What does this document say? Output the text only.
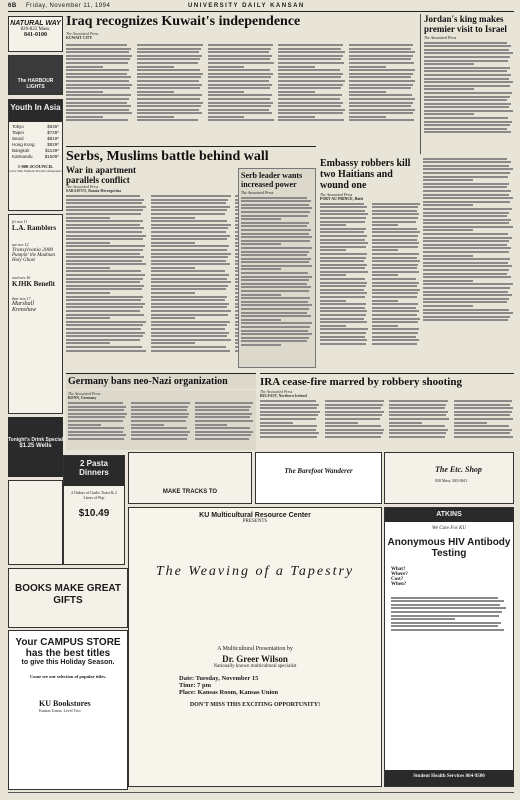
6B Friday, November 11, 1994	UNIVERSITY DAILY KANSAN
NATURAL WAY
820-822 Mass.
841-0100
The HARBOUR LIGHTS
Youth In Asia
Tokyo	$645*
Taipei	$729*
Seoul	$819*
Hong Kong	$829*
Bangkok	$1149*
Katmandu	$1509*
1-800-2COUNCIL
Let's Talk Student Travel's masseuse!
fri nov 11
L.A. Ramblers
sat nov 12
Transylvania 2000
Pumpin' the Madman Holy Ghost
wed nov 16
KJHK Benefit
thur nov 17
Marshall Krenshaw
Tonight's Drink Special
$1.25 Wells
2 Pasta Dinners
2 Orders of Garlic Toast & 2 Liters of Pop
$10.49
BOOKS MAKE GREAT GIFTS
Your CAMPUS STORE
has the best titles
to give this Holiday Season.
Come see our selection of popular titles.
KU Bookstores
Kansas Union, Level Two
Iraq recognizes Kuwait's independence
The Associated Press
KUWAIT CITY
Jordan's king makes premier visit to Israel
The Associated Press
Serbs, Muslims battle behind wall
War in apartment parallels conflict
The Associated Press
SARAJEVO, Bosnia-Herzegovina
Serb leader wants increased power
The Associated Press
Embassy robbers kill two Haitians and wound one
The Associated Press
PORT-AU-PRINCE, Haiti
Germany bans neo-Nazi organization
The Associated Press
BONN, Germany
IRA cease-fire marred by robbery shooting
The Associated Press
BELFAST, Northern Ireland
MAKE TRACKS TO
The Barefoot Wanderer	The Etc. Shop
928 Mass. 843-0611
KU Multicultural Resource Center
PRESENTS
The Weaving of a Tapestry
A Multicultural Presentation by
Dr. Greer Wilson
Nationally known multicultural specialist
Date: Tuesday, November 15
Time: 7 pm
Place: Kansas Room, Kansas Union
DON'T MISS THIS EXCITING OPPORTUNITY!
ATKINS
We Care For KU
Anonymous HIV Antibody Testing
What?
Where?
Cost?
When?
Student Health Services 864-9500
